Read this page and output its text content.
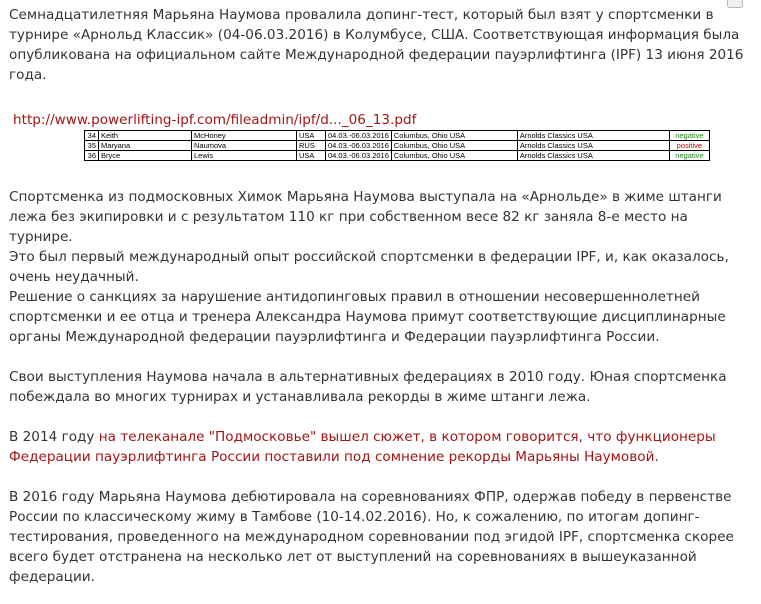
Семнадцатилетняя Марьяна Наумова провалила допинг-тест, который был взят у спортсменки в турнире «Арнольд Классик» (04-06.03.2016) в Колумбусе, США. Соответствующая информация была опубликована на официальном сайте Международной федерации пауэрлифтинга (IPF) 13 июня 2016 года.

http://www.powerlifting-ipf.com/fileadmin/ipf/d..._06_13.pdf
34	Keith	McHoney	USA	04.03.-06.03.2016	Columbus, Ohio USA	Arnolds Classics USA	negative
35	Maryana	Naumova	RUS	04.03.-06.03.2016	Columbus, Ohio USA	Arnolds Classics USA	positive
36	Bryce	Lewis	USA	04.03.-06.03.2016	Columbus, Ohio USA	Arnolds Classics USA	negative

Спортсменка из подмосковных Химок Марьяна Наумова выступала на «Арнольде» в жиме штанги лежа без экипировки и с результатом 110 кг при собственном весе 82 кг заняла 8-е место на турнире.

Это был первый международный опыт российской спортсменки в федерации IPF, и, как оказалось, очень неудачный.

Решение о санкциях за нарушение антидопинговых правил в отношении несовершеннолетней спортсменки и ее отца и тренера Александра Наумова примут соответствующие дисциплинарные органы Международной федерации пауэрлифтинга и Федерации пауэрлифтинга России.

Свои выступления Наумова начала в альтернативных федерациях в 2010 году. Юная спортсменка побеждала во многих турнирах и устанавливала рекорды в жиме штанги лежа.

В 2014 году на телеканале "Подмосковье" вышел сюжет, в котором говорится, что функционеры Федерации пауэрлифтинга России поставили под сомнение рекорды Марьяны Наумовой.

В 2016 году Марьяна Наумова дебютировала на соревнованиях ФПР, одержав победу в первенстве России по классическому жиму в Тамбове (10-14.02.2016). Но, к сожалению, по итогам допинг-тестирования, проведенного на международном соревновании под эгидой IPF, спортсменка скорее всего будет отстранена на несколько лет от выступлений на соревнованиях в вышеуказанной федерации.
